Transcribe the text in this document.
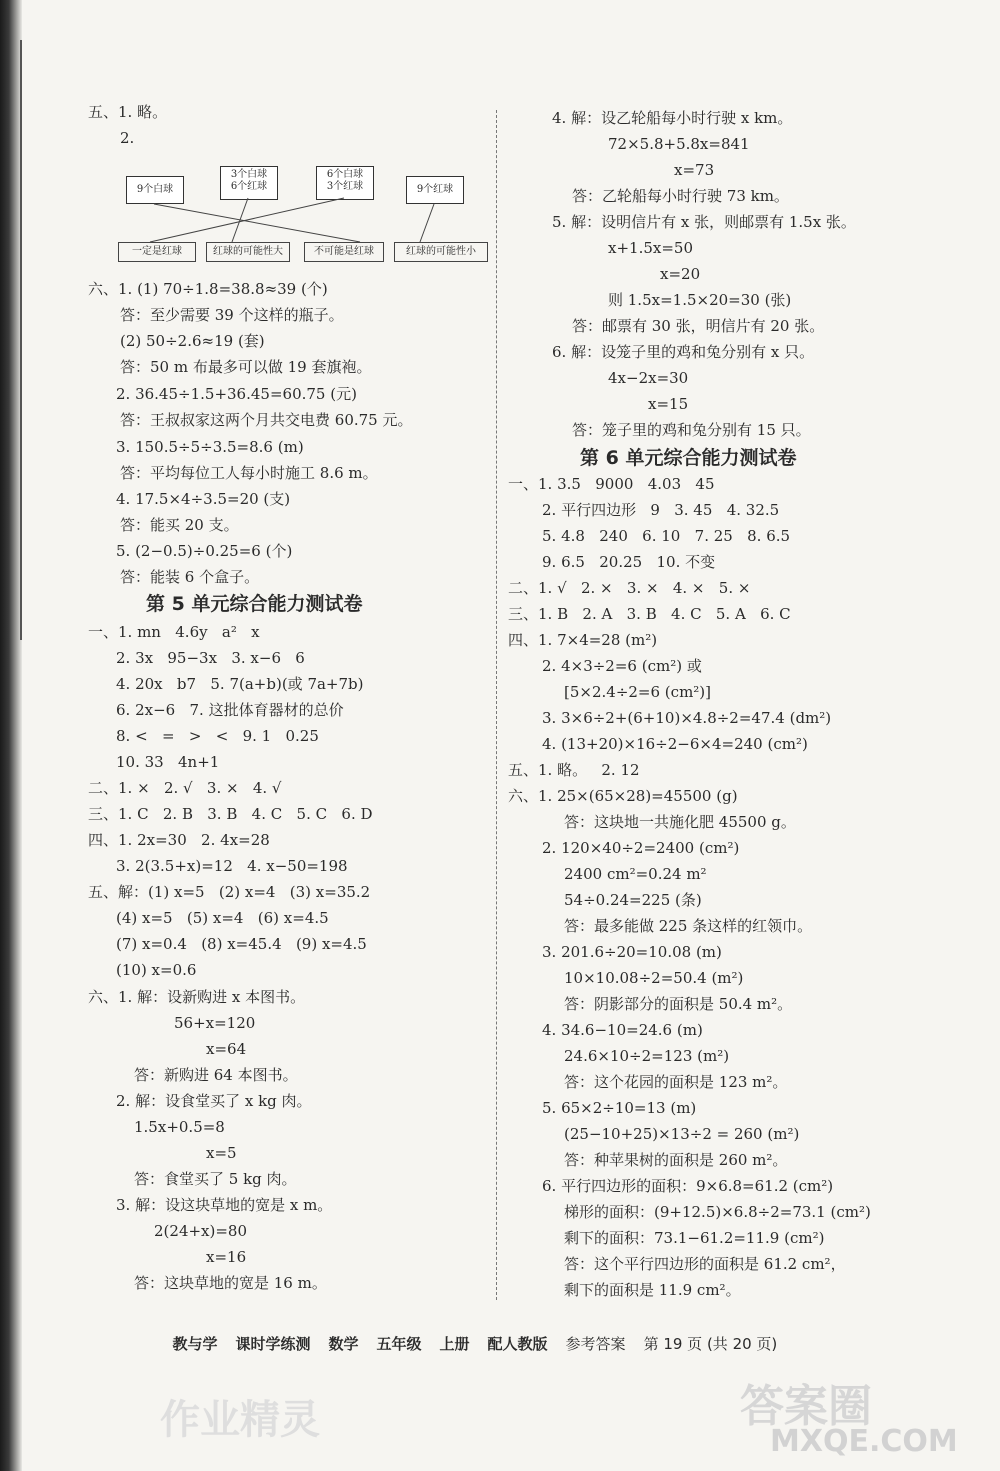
五、1. 略。
2.
9个白球
3个白球
6个红球
6个白球
3个红球	9个红球
一定是红球	红球的可能性大	不可能是红球	红球的可能性小
六、1. (1) 70÷1.8=38.8≈39 (个)
答：至少需要 39 个这样的瓶子。
(2) 50÷2.6≈19 (套)
答：50 m 布最多可以做 19 套旗袍。
2. 36.45÷1.5+36.45=60.75 (元)
答：王叔叔家这两个月共交电费 60.75 元。
3. 150.5÷5÷3.5=8.6 (m)
答：平均每位工人每小时施工 8.6 m。
4. 17.5×4÷3.5=20 (支)
答：能买 20 支。
5. (2−0.5)÷0.25=6 (个)
答：能装 6 个盒子。
第 5 单元综合能力测试卷
一、1. mn   4.6y   a²   x
2. 3x   95−3x   3. x−6   6
4. 20x   b7   5. 7(a+b)(或 7a+7b)
6. 2x−6   7. 这批体育器材的总价
8. <   =   >   <   9. 1   0.25
10. 33   4n+1
二、1. ×   2. √   3. ×   4. √
三、1. C   2. B   3. B   4. C   5. C   6. D
四、1. 2x=30   2. 4x=28
3. 2(3.5+x)=12   4. x−50=198
五、解：(1) x=5   (2) x=4   (3) x=35.2
(4) x=5   (5) x=4   (6) x=4.5
(7) x=0.4   (8) x=45.4   (9) x=4.5
(10) x=0.6
六、1. 解：设新购进 x 本图书。
56+x=120
x=64
答：新购进 64 本图书。
2. 解：设食堂买了 x kg 肉。
1.5x+0.5=8
x=5
答：食堂买了 5 kg 肉。
3. 解：设这块草地的宽是 x m。
2(24+x)=80
x=16
答：这块草地的宽是 16 m。
4. 解：设乙轮船每小时行驶 x km。
72×5.8+5.8x=841
x=73
答：乙轮船每小时行驶 73 km。
5. 解：设明信片有 x 张，则邮票有 1.5x 张。
x+1.5x=50
x=20
则 1.5x=1.5×20=30 (张)
答：邮票有 30 张，明信片有 20 张。
6. 解：设笼子里的鸡和兔分别有 x 只。
4x−2x=30
x=15
答：笼子里的鸡和兔分别有 15 只。
第 6 单元综合能力测试卷
一、1. 3.5   9000   4.03   45
2. 平行四边形   9   3. 45   4. 32.5
5. 4.8   240   6. 10   7. 25   8. 6.5
9. 6.5   20.25   10. 不变
二、1. √   2. ×   3. ×   4. ×   5. ×
三、1. B   2. A   3. B   4. C   5. A   6. C
四、1. 7×4=28 (m²)
2. 4×3÷2=6 (cm²) 或
[5×2.4÷2=6 (cm²)]
3. 3×6÷2+(6+10)×4.8÷2=47.4 (dm²)
4. (13+20)×16÷2−6×4=240 (cm²)
五、1. 略。   2. 12
六、1. 25×(65×28)=45500 (g)
答：这块地一共施化肥 45500 g。
2. 120×40÷2=2400 (cm²)
2400 cm²=0.24 m²
54÷0.24=225 (条)
答：最多能做 225 条这样的红领巾。
3. 201.6÷20=10.08 (m)
10×10.08÷2=50.4 (m²)
答：阴影部分的面积是 50.4 m²。
4. 34.6−10=24.6 (m)
24.6×10÷2=123 (m²)
答：这个花园的面积是 123 m²。
5. 65×2÷10=13 (m)
(25−10+25)×13÷2 = 260 (m²)
答：种苹果树的面积是 260 m²。
6. 平行四边形的面积：9×6.8=61.2 (cm²)
梯形的面积：(9+12.5)×6.8÷2=73.1 (cm²)
剩下的面积：73.1−61.2=11.9 (cm²)
答：这个平行四边形的面积是 61.2 cm²，
剩下的面积是 11.9 cm²。

教与学 课时学练测 数学 五年级 上册 配人教版 参考答案 第 19 页 (共 20 页)

作业精灵	答案圈
MXQE.COM
